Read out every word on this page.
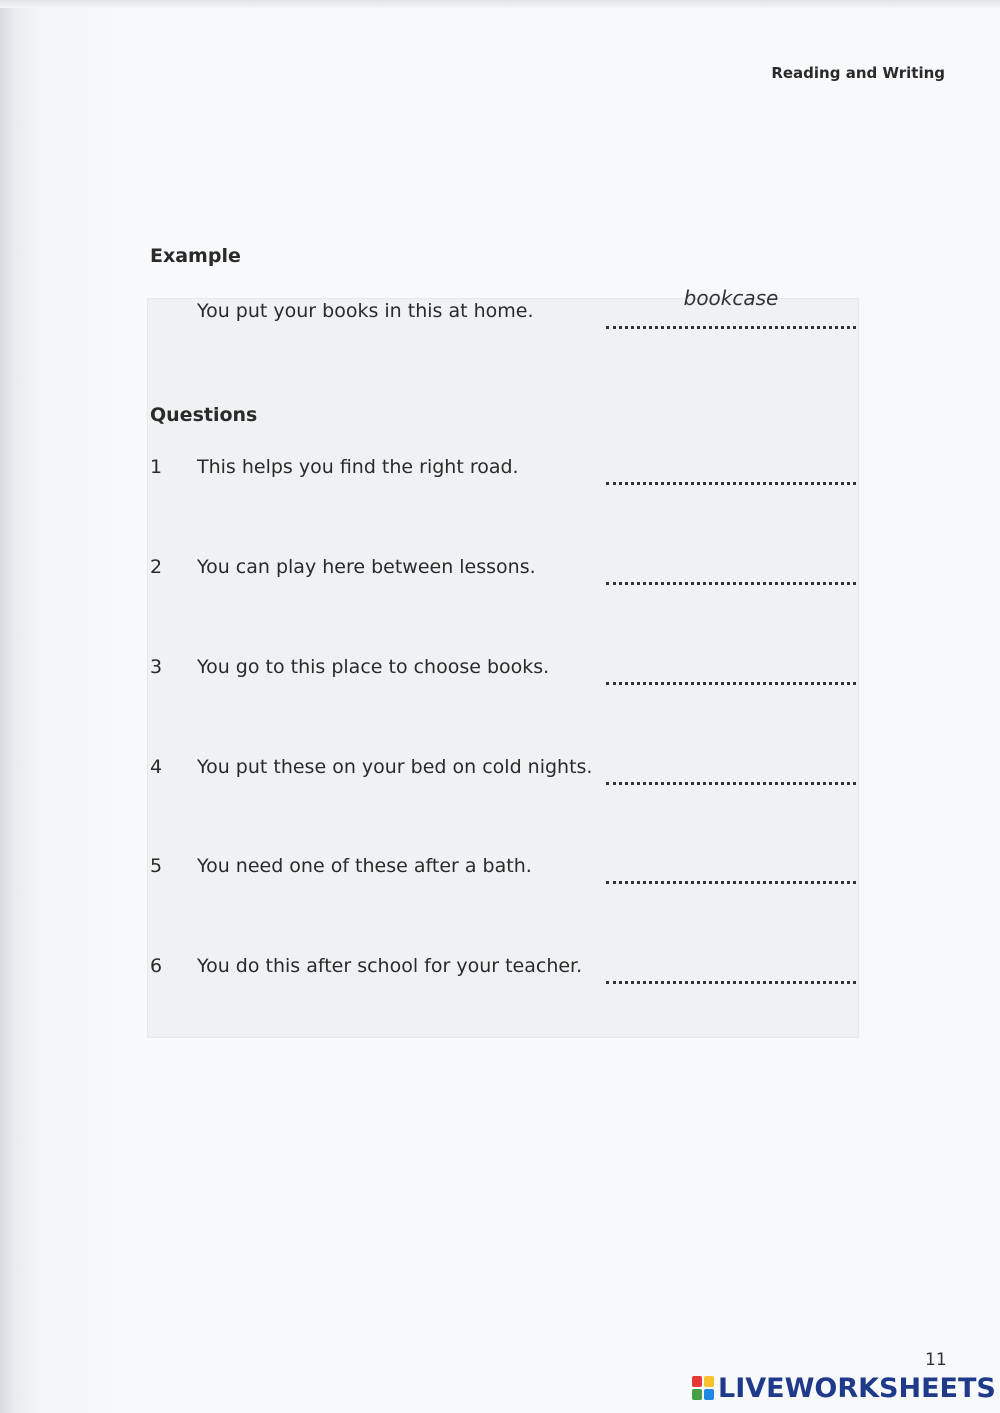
Reading and Writing
Example
You put your books in this at home.
bookcase
Questions
1	This helps you find the right road.
2	You can play here between lessons.
3	You go to this place to choose books.
4	You put these on your bed on cold nights.
5	You need one of these after a bath.
6	You do this after school for your teacher.
11
LIVEWORKSHEETS
